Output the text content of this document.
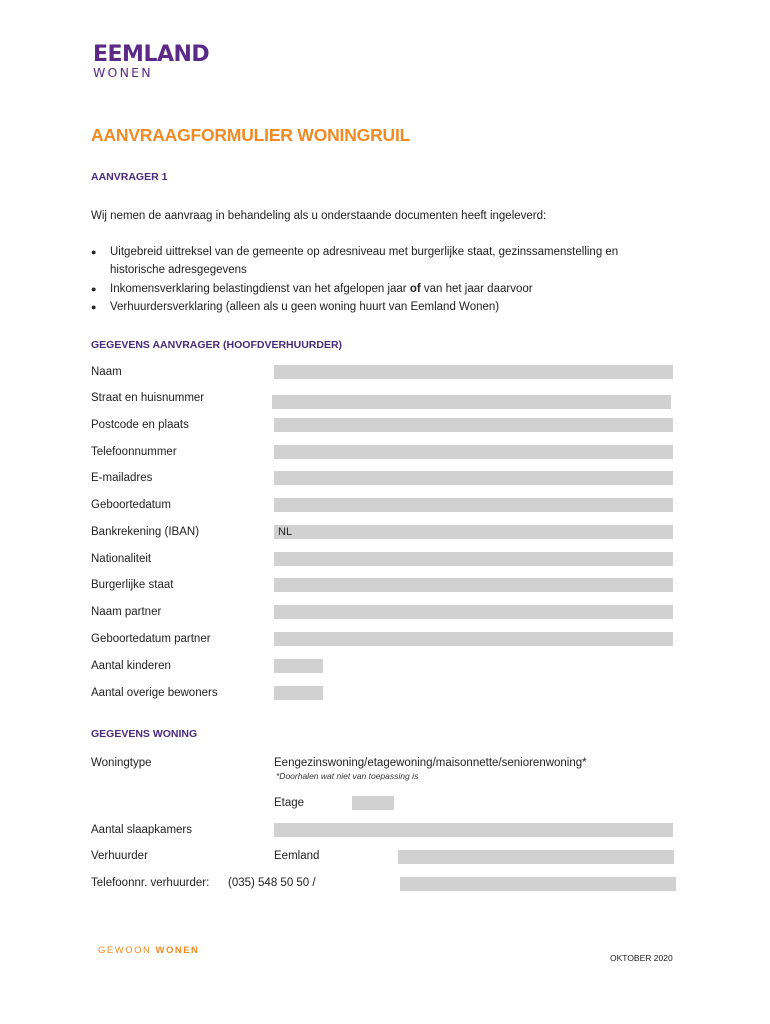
EEMLAND
WONEN
AANVRAAGFORMULIER WONINGRUIL
AANVRAGER 1
Wij nemen de aanvraag in behandeling als u onderstaande documenten heeft ingeleverd:
● Uitgebreid uittreksel van de gemeente op adresniveau met burgerlijke staat, gezinssamenstelling en
historische adresgegevens
● Inkomensverklaring belastingdienst van het afgelopen jaar of van het jaar daarvoor
● Verhuurdersverklaring (alleen als u geen woning huurt van Eemland Wonen)
GEGEVENS AANVRAGER (HOOFDVERHUURDER)
Naam
Straat en huisnummer
Postcode en plaats
Telefoonnummer
E-mailadres
Geboortedatum
Bankrekening (IBAN)	NL
Nationaliteit
Burgerlijke staat
Naam partner
Geboortedatum partner
Aantal kinderen
Aantal overige bewoners
GEGEVENS WONING
Woningtype	Eengezinswoning/etagewoning/maisonnette/seniorenwoning*
*Doorhalen wat niet van toepassing is
Etage
Aantal slaapkamers
Verhuurder	Eemland
Telefoonnr. verhuurder: (035) 548 50 50 /
GEWOON WONEN
OKTOBER 2020
